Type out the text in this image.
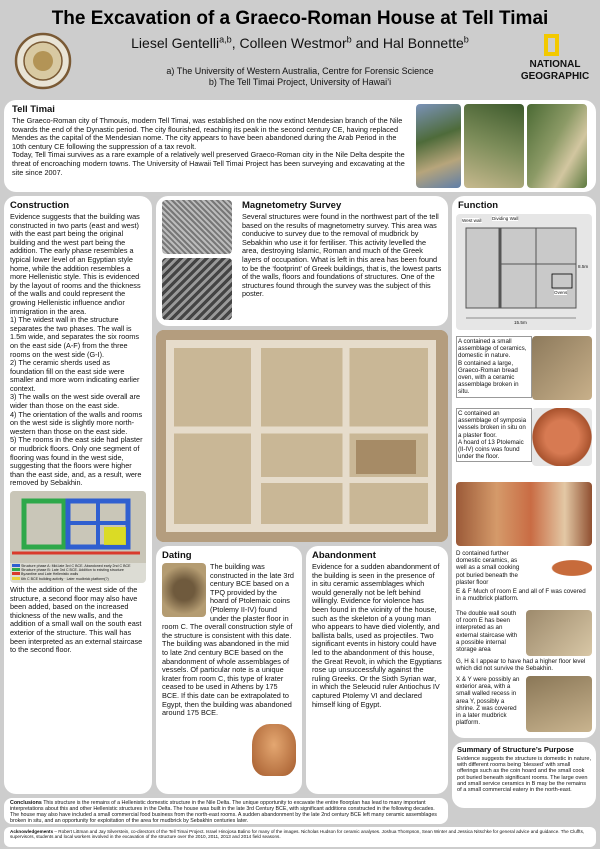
The Excavation of a Graeco-Roman House at Tell Timai
Liesel Gentelli$^{a,b}$, Colleen Westmor$^b$ and Hal Bonnette$^b$
a) The University of Western Australia, Centre for Forensic Science
b) The Tell Timai Project, University of Hawai’i
NATIONAL
GEOGRAPHIC
Tell Timai

The Graeco-Roman city of Thmouis, modern Tell Timai, was established on the now extinct Mendesian branch of the Nile towards the end of the Dynastic period. The city flourished, reaching its peak in the second century CE, having replaced Mendes as the capital of the Mendesian nome. The city appears to have been abandoned during the Arab Period in the 10th century CE following the suppression of a tax revolt.

Today, Tell Timai survives as a rare example of a relatively well preserved Graeco-Roman city in the Nile Delta despite the threat of encroaching modern towns. The University of Hawaii Tell Timai Project has been surveying and excavating at the site since 2007.

Construction

Evidence suggests that the building was constructed in two parts (east and west) with the east part being the original building and the west part being the addition. The early phase resembles a typical lower level of an Egyptian style home, while the addition resembles a more Hellenistic style. This is evidenced by the layout of rooms and the thickness of the walls and could represent the growing Hellenistic influence and\or immigration in the area.

1) The widest wall in the structure separates the two phases. The wall is 1.5m wide, and separates the six rooms on the east side (A-F) from the three rooms on the west side (G-I).

2) The ceramic sherds used as foundation fill on the east side were smaller and more worn indicating earlier context.

3) The walls on the west side overall are wider than those on the east side.

4) The orientation of the walls and rooms on the west side is slightly more north-western than those on the east side.

5) The rooms in the east side had plaster or mudbrick floors. Only one segment of flooring was found in the west side, suggesting that the floors were higher than the east side, and, as a result, were removed by Sebakhin.

Structure phase A: Mid-late 3rd C BCE. Abandoned early 2nd C BCE
Structure phase B: Late 3rd C BCE. Addition to existing structure
Byzantine and Late Hellenistic walls
6th C BCE building activity · Later mudbrick platform(?)

With the addition of the west side of the structure, a second floor may also have been added, based on the increased thickness of the new walls, and the addition of a small wall on the south east exterior of the structure. This wall has been interpreted as an external staircase to the second floor.

Magnetometry Survey

Several structures were found in the northwest part of the tell based on the results of magnetometry survey. This area was conducive to survey due to the removal of mudbrick by Sebakhin who use it for fertiliser. This activity levelled the area, destroying Islamic, Roman and much of the Greek layers of occupation. What is left in this area has been found to be the ‘footprint’ of Greek buildings, that is, the lowest parts of the walls, floors and foundations of structures. One of the structures found through the survey was the subject of this poster.

Dating

The building was constructed in the late 3rd century BCE based on a TPQ provided by the hoard of Ptolemaic coins (Ptolemy II-IV) found under the plaster floor in room C. The overall construction style of the structure is consistent with this date. The building was abandoned in the mid to late 2nd century BCE based on the abandonment of whole assemblages of vessels. Of particular note is a unique krater from room C, this type of krater ceased to be used in Athens by 175 BCE. If this date can be extrapolated to Egypt, then the building was abandoned around 175 BCE.

Abandonment

Evidence for a sudden abandonment of the building is seen in the presence of in situ ceramic assemblages which would generally not be left behind willingly. Evidence for violence has been found in the vicinity of the house, such as the skeleton of a young man who appears to have died violently, and ballista balls, used as projectiles. Two significant events in history could have led to the abandonment of this house, the Great Revolt, in which the Egyptians rose up unsuccessfully against the ruling Greeks. Or the Sixth Syrian war, in which the Seleucid ruler Antiochus IV captured Ptolemy VI and declared himself king of Egypt.

Function
West wall Dividing Wall
Ovens
15.5m
8.5m
A contained a small assemblage of ceramics, domestic in nature.
B contained a large, Graeco-Roman bread oven, with a ceramic assemblage broken in situ.
C contained an assemblage of symposia vessels broken in situ on a plaster floor.
A hoard of 13 Ptolemaic (II-IV) coins was found under the floor.
D contained further domestic ceramics, as well as a small cooking pot buried beneath the plaster floor
E & F Much of room E and all of F was covered in a mudbrick platform.
The double wall south of room E has been interpreted as an external staircase with a possible internal storage area
G, H & I appear to have had a higher floor level which did not survive the Sebakhin.
X & Y were possibly an exterior area, with a small walled recess in area Y, possibly a shrine. Z was covered in a later mudbrick platform.
Summary of Structure’s Purpose

Evidence suggests the structure is domestic in nature, with different rooms being ‘blessed’ with small offerings such as the coin hoard and the small cook pot buried beneath significant rooms. The large oven and small service ceramics in B may be the remains of a small commercial eatery in the north-east.

Conclusions This structure is the remains of a Hellenistic domestic structure in the Nile Delta. The unique opportunity to excavate the entire floorplan has lead to many important interpretations about this and other Hellenistic structures in the Delta. The house was built in the late 3rd Century BCE, with significant additions constructed in the following decades. The house may also have included a small commercial food business from the north-east rooms. A sudden abandonment by the late 2nd century BCE left many ceramic assemblages broken in situ, and an opportunity for exploitation of the area for mudbrick by Sebakhin centuries later.

Acknowledgements – Robert Littman and Jay Silverstein, co-directors of the Tell Timai Project. Israel Hinojosa Balino for many of the images. Nicholas Hudson for ceramic analyses. Joshua Thompson, Sean Winter and Jessica Nitschke for general advice and guidance. The Cluffts, supervisors, students and local workers involved in the excavation of the structure over the 2010, 2011, 2013 and 2014 field seasons.
